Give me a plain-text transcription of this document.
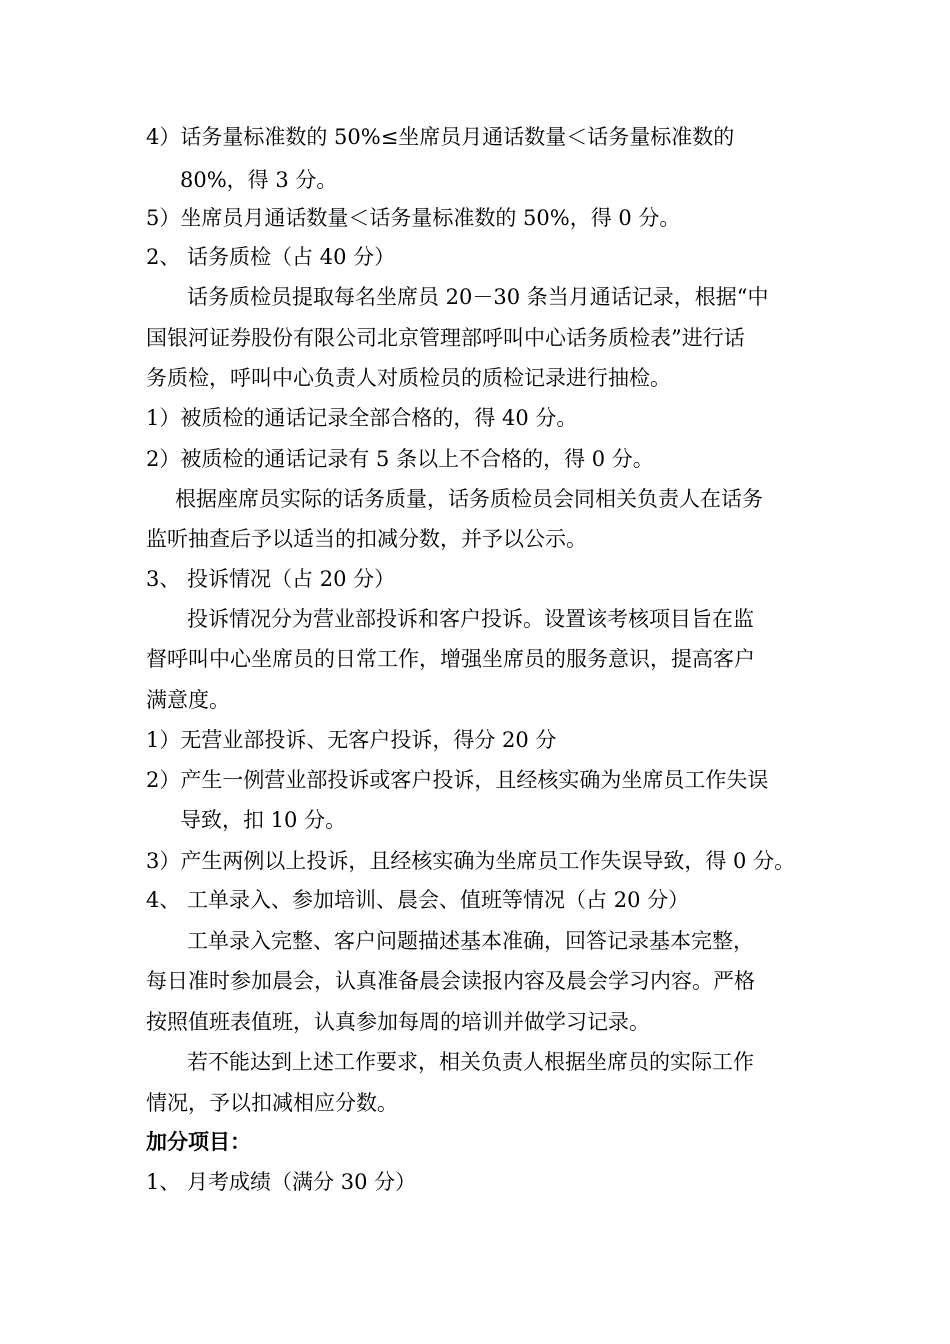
4）话务量标准数的 50%≤坐席员月通话数量＜话务量标准数的

80%，得 3 分。

5）坐席员月通话数量＜话务量标准数的 50%，得 0 分。

2、 话务质检（占 40 分）

话务质检员提取每名坐席员 20－30 条当月通话记录，根据“中

国银河证券股份有限公司北京管理部呼叫中心话务质检表”进行话

务质检，呼叫中心负责人对质检员的质检记录进行抽检。

1）被质检的通话记录全部合格的，得 40 分。

2）被质检的通话记录有 5 条以上不合格的，得 0 分。

根据座席员实际的话务质量，话务质检员会同相关负责人在话务

监听抽查后予以适当的扣减分数，并予以公示。

3、 投诉情况（占 20 分）

投诉情况分为营业部投诉和客户投诉。设置该考核项目旨在监

督呼叫中心坐席员的日常工作，增强坐席员的服务意识，提高客户

满意度。

1）无营业部投诉、无客户投诉，得分 20 分

2）产生一例营业部投诉或客户投诉，且经核实确为坐席员工作失误

导致，扣 10 分。

3）产生两例以上投诉，且经核实确为坐席员工作失误导致，得 0 分。

4、 工单录入、参加培训、晨会、值班等情况（占 20 分）

工单录入完整、客户问题描述基本准确，回答记录基本完整，

每日准时参加晨会，认真准备晨会读报内容及晨会学习内容。严格

按照值班表值班，认真参加每周的培训并做学习记录。

若不能达到上述工作要求，相关负责人根据坐席员的实际工作

情况，予以扣减相应分数。

加分项目：

1、 月考成绩（满分 30 分）
